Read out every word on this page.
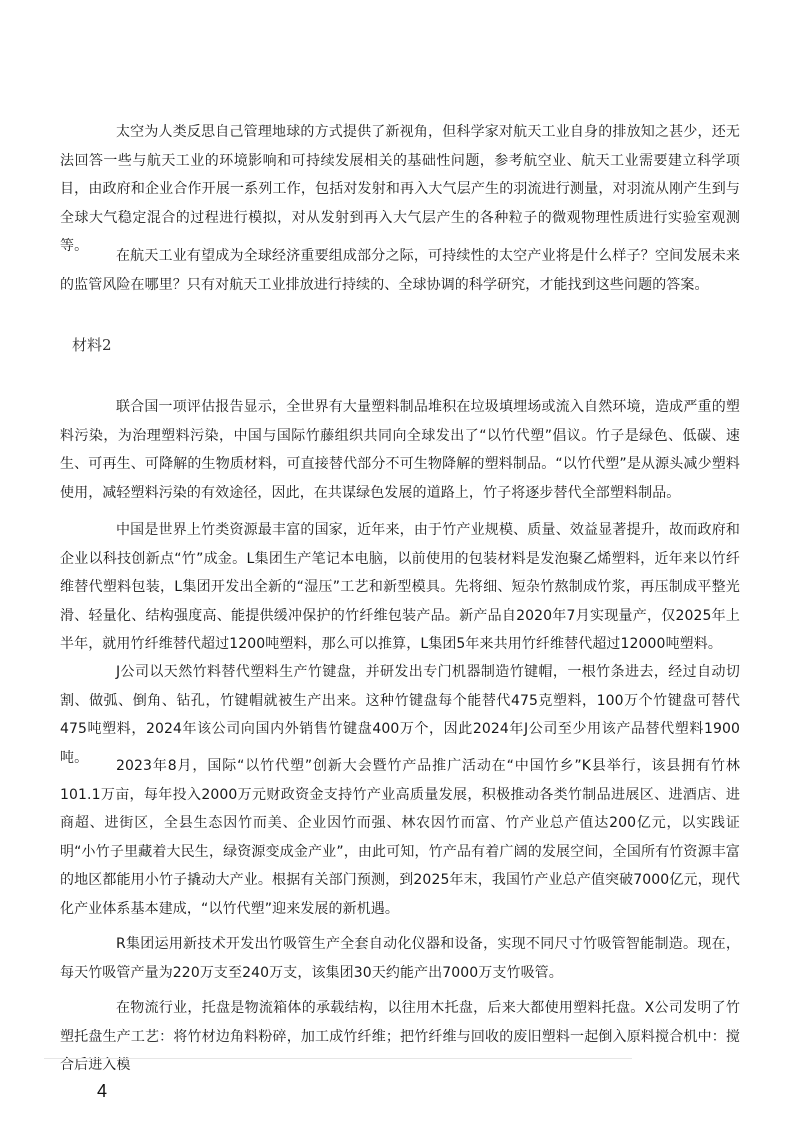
太空为人类反思自己管理地球的方式提供了新视角，但科学家对航天工业自身的排放知之甚少，还无法回答一些与航天工业的环境影响和可持续发展相关的基础性问题，参考航空业、航天工业需要建立科学项目，由政府和企业合作开展一系列工作，包括对发射和再入大气层产生的羽流进行测量，对羽流从刚产生到与全球大气稳定混合的过程进行模拟，对从发射到再入大气层产生的各种粒子的微观物理性质进行实验室观测等。

在航天工业有望成为全球经济重要组成部分之际，可持续性的太空产业将是什么样子？空间发展未来的监管风险在哪里？只有对航天工业排放进行持续的、全球协调的科学研究，才能找到这些问题的答案。

材料2

联合国一项评估报告显示，全世界有大量塑料制品堆积在垃圾填埋场或流入自然环境，造成严重的塑料污染，为治理塑料污染，中国与国际竹藤组织共同向全球发出了“以竹代塑”倡议。竹子是绿色、低碳、速生、可再生、可降解的生物质材料，可直接替代部分不可生物降解的塑料制品。“以竹代塑”是从源头减少塑料使用，减轻塑料污染的有效途径，因此，在共谋绿色发展的道路上，竹子将逐步替代全部塑料制品。

中国是世界上竹类资源最丰富的国家，近年来，由于竹产业规模、质量、效益显著提升，故而政府和企业以科技创新点“竹”成金。L集团生产笔记本电脑，以前使用的包装材料是发泡聚乙烯塑料，近年来以竹纤维替代塑料包装，L集团开发出全新的“湿压”工艺和新型模具。先将细、短杂竹熬制成竹浆，再压制成平整光滑、轻量化、结构强度高、能提供缓冲保护的竹纤维包装产品。新产品自2020年7月实现量产，仅2025年上半年，就用竹纤维替代超过1200吨塑料，那么可以推算，L集团5年来共用竹纤维替代超过12000吨塑料。

J公司以天然竹料替代塑料生产竹键盘，并研发出专门机器制造竹键帽，一根竹条进去，经过自动切割、做弧、倒角、钻孔，竹键帽就被生产出来。这种竹键盘每个能替代475克塑料，100万个竹键盘可替代475吨塑料，2024年该公司向国内外销售竹键盘400万个，因此2024年J公司至少用该产品替代塑料1900吨。

2023年8月，国际“以竹代塑”创新大会暨竹产品推广活动在“中国竹乡”K县举行，该县拥有竹林101.1万亩，每年投入2000万元财政资金支持竹产业高质量发展，积极推动各类竹制品进展区、进酒店、进商超、进街区，全县生态因竹而美、企业因竹而强、林农因竹而富、竹产业总产值达200亿元，以实践证明“小竹子里藏着大民生，绿资源变成金产业”，由此可知，竹产品有着广阔的发展空间，全国所有竹资源丰富的地区都能用小竹子撬动大产业。根据有关部门预测，到2025年末，我国竹产业总产值突破7000亿元，现代化产业体系基本建成，“以竹代塑”迎来发展的新机遇。

R集团运用新技术开发出竹吸管生产全套自动化仪器和设备，实现不同尺寸竹吸管智能制造。现在，每天竹吸管产量为220万支至240万支，该集团30天约能产出7000万支竹吸管。

在物流行业，托盘是物流箱体的承载结构，以往用木托盘，后来大都使用塑料托盘。X公司发明了竹塑托盘生产工艺：将竹材边角料粉碎，加工成竹纤维；把竹纤维与回收的废旧塑料一起倒入原料搅合机中：搅合后进入模

4
